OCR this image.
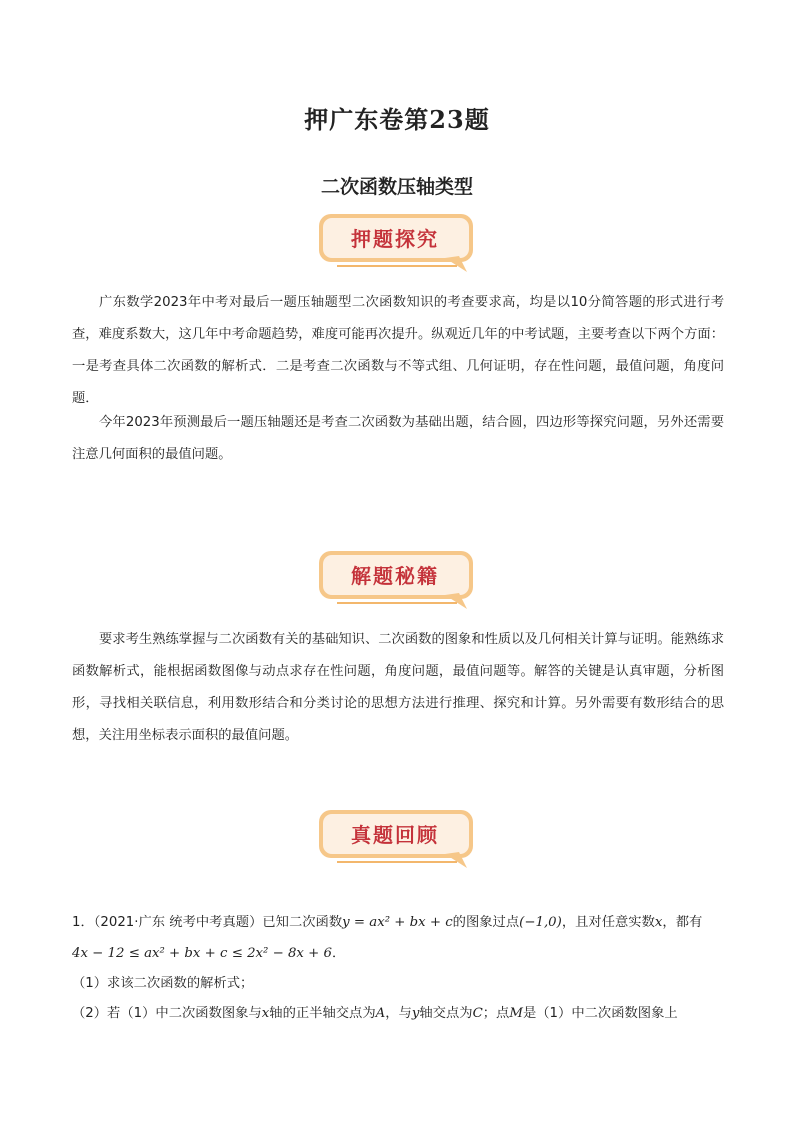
押广东卷第23题
二次函数压轴类型
押题探究

广东数学2023年中考对最后一题压轴题型二次函数知识的考查要求高，均是以10分简答题的形式进行考查，难度系数大，这几年中考命题趋势，难度可能再次提升。纵观近几年的中考试题，主要考查以下两个方面：一是考查具体二次函数的解析式．二是考查二次函数与不等式组、几何证明，存在性问题，最值问题，角度问题．

今年2023年预测最后一题压轴题还是考查二次函数为基础出题，结合圆，四边形等探究问题，另外还需要注意几何面积的最值问题。

解题秘籍

要求考生熟练掌握与二次函数有关的基础知识、二次函数的图象和性质以及几何相关计算与证明。能熟练求函数解析式，能根据函数图像与动点求存在性问题，角度问题，最值问题等。解答的关键是认真审题，分析图形，寻找相关联信息，利用数形结合和分类讨论的思想方法进行推理、探究和计算。另外需要有数形结合的思想，关注用坐标表示面积的最值问题。

真题回顾

1．（2021·广东 统考中考真题）已知二次函数y = ax² + bx + c的图象过点(−1,0)，且对任意实数x，都有

4x − 12 ≤ ax² + bx + c ≤ 2x² − 8x + 6．

（1）求该二次函数的解析式；

（2）若（1）中二次函数图象与x轴的正半轴交点为A，与y轴交点为C；点M是（1）中二次函数图象上
